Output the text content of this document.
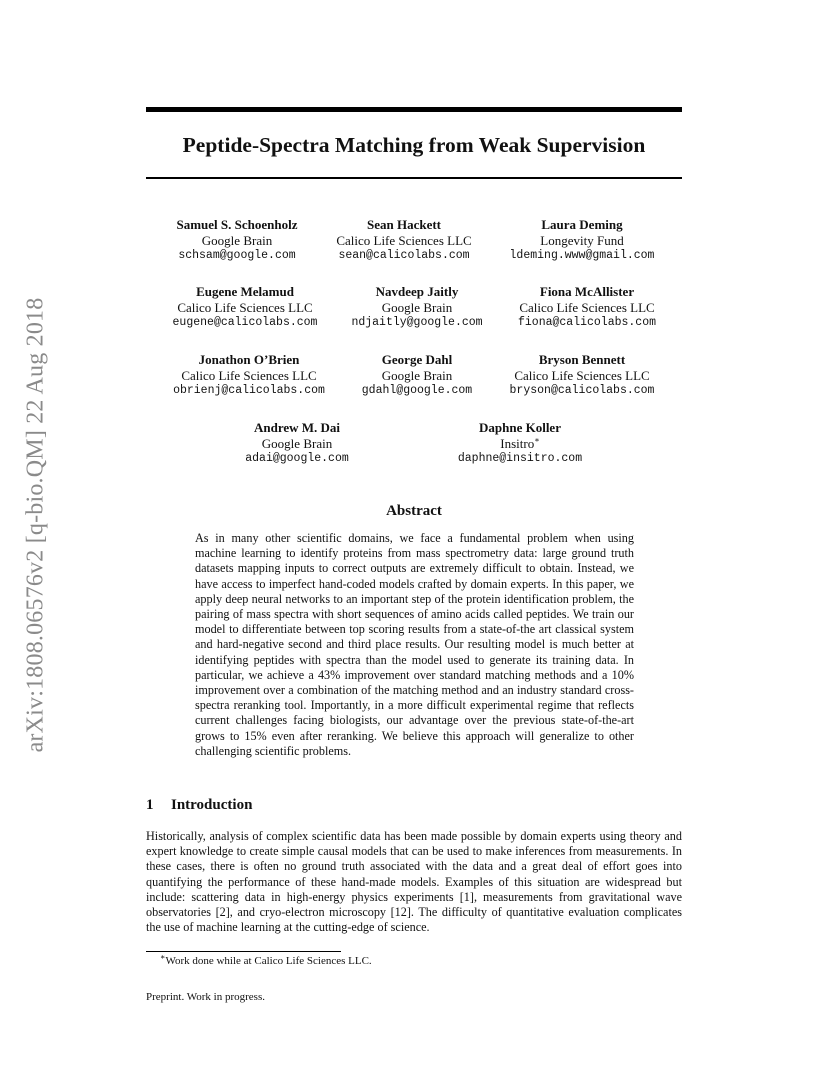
arXiv:1808.06576v2 [q-bio.QM] 22 Aug 2018
Peptide-Spectra Matching from Weak Supervision
Samuel S. Schoenholz
Google Brain
schsam@google.com
Sean Hackett
Calico Life Sciences LLC
sean@calicolabs.com
Laura Deming
Longevity Fund
ldeming.www@gmail.com
Eugene Melamud
Calico Life Sciences LLC
eugene@calicolabs.com
Navdeep Jaitly
Google Brain
ndjaitly@google.com
Fiona McAllister
Calico Life Sciences LLC
fiona@calicolabs.com
Jonathon O’Brien
Calico Life Sciences LLC
obrienj@calicolabs.com
George Dahl
Google Brain
gdahl@google.com
Bryson Bennett
Calico Life Sciences LLC
bryson@calicolabs.com
Andrew M. Dai
Google Brain
adai@google.com
Daphne Koller
Insitro∗
daphne@insitro.com
Abstract
As in many other scientific domains, we face a fundamental problem when using machine learning to identify proteins from mass spectrometry data: large ground truth datasets mapping inputs to correct outputs are extremely difficult to obtain. Instead, we have access to imperfect hand-coded models crafted by domain experts. In this paper, we apply deep neural networks to an important step of the protein identification problem, the pairing of mass spectra with short sequences of amino acids called peptides. We train our model to differentiate between top scoring results from a state-of-the art classical system and hard-negative second and third place results. Our resulting model is much better at identifying peptides with spectra than the model used to generate its training data. In particular, we achieve a 43% improvement over standard matching methods and a 10% improvement over a combination of the matching method and an industry standard cross-spectra reranking tool. Importantly, in a more difficult experimental regime that reflects current challenges facing biologists, our advantage over the previous state-of-the-art grows to 15% even after reranking. We believe this approach will generalize to other challenging scientific problems.
1 Introduction
Historically, analysis of complex scientific data has been made possible by domain experts using theory and expert knowledge to create simple causal models that can be used to make inferences from measurements. In these cases, there is often no ground truth associated with the data and a great deal of effort goes into quantifying the performance of these hand-made models. Examples of this situation are widespread but include: scattering data in high-energy physics experiments [1], measurements from gravitational wave observatories [2], and cryo-electron microscopy [12]. The difficulty of quantitative evaluation complicates the use of machine learning at the cutting-edge of science.
∗Work done while at Calico Life Sciences LLC.
Preprint. Work in progress.
